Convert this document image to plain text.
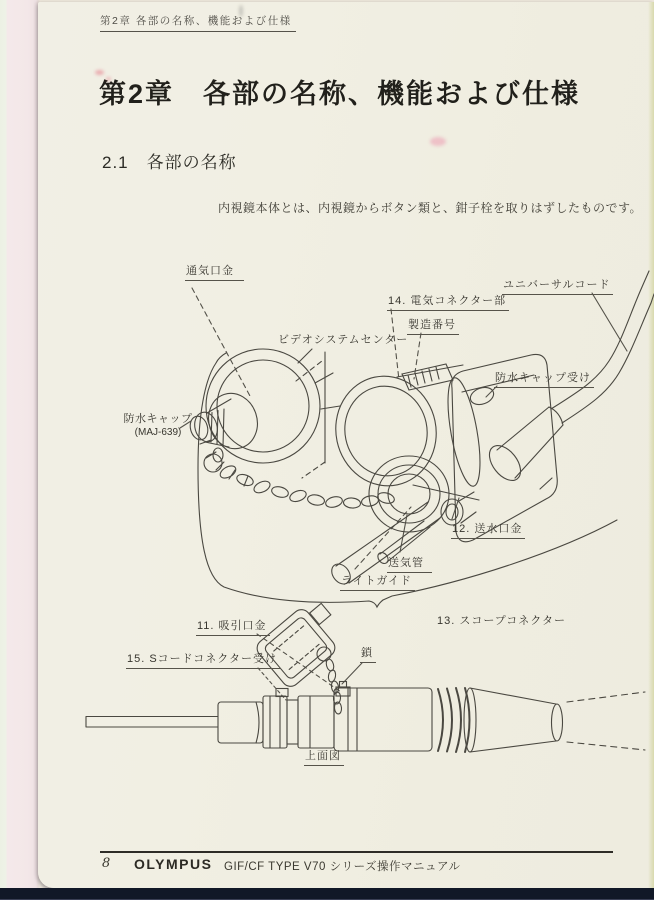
第2章 各部の名称、機能および仕様
第2章　各部の名称、機能および仕様
2.1　各部の名称
内視鏡本体とは、内視鏡からボタン類と、鉗子栓を取りはずしたものです。
通気口金
ユニバーサルコード
14. 電気コネクター部
製造番号
ビデオシステムセンター
防水キャップ
(MAJ-639)
防水キャップ受け
12. 送水口金
送気管
ライトガイド
13. スコープコネクター
11. 吸引口金
15. Sコードコネクター受け	鎖
上面図
8 OLYMPUS GIF/CF TYPE V70 シリーズ操作マニュアル
